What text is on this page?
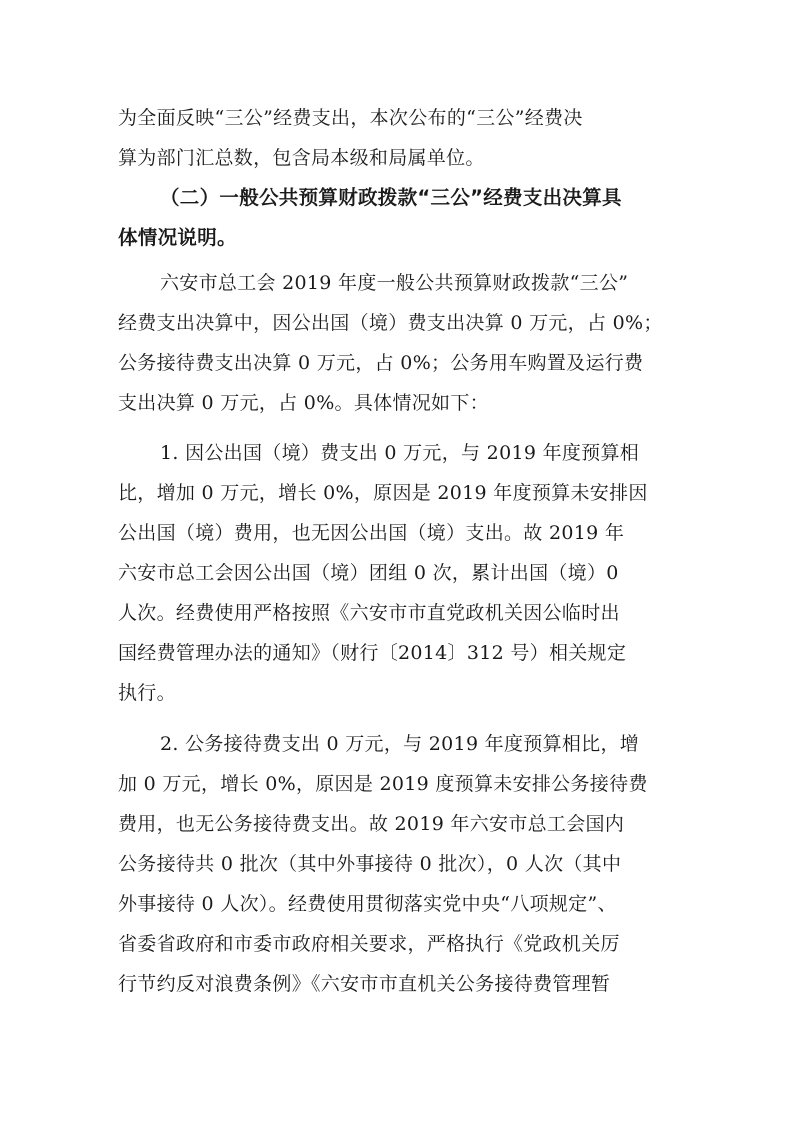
为全面反映“三公”经费支出，本次公布的“三公”经费决
算为部门汇总数，包含局本级和局属单位。
（二）一般公共预算财政拨款“三公”经费支出决算具
体情况说明。
六安市总工会 2019 年度一般公共预算财政拨款“三公”
经费支出决算中，因公出国（境）费支出决算 0 万元，占 0%；
公务接待费支出决算 0 万元，占 0%；公务用车购置及运行费
支出决算 0 万元，占 0%。具体情况如下：
1. 因公出国（境）费支出 0 万元，与 2019 年度预算相
比，增加 0 万元，增长 0%，原因是 2019 年度预算未安排因
公出国（境）费用，也无因公出国（境）支出。故 2019 年
六安市总工会因公出国（境）团组 0 次，累计出国（境）0
人次。经费使用严格按照《六安市市直党政机关因公临时出
国经费管理办法的通知》（财行〔2014〕312 号）相关规定
执行。
2. 公务接待费支出 0 万元，与 2019 年度预算相比，增
加 0 万元，增长 0%，原因是 2019 度预算未安排公务接待费
费用，也无公务接待费支出。故 2019 年六安市总工会国内
公务接待共 0 批次（其中外事接待 0 批次），0 人次（其中
外事接待 0 人次）。经费使用贯彻落实党中央“八项规定”、
省委省政府和市委市政府相关要求，严格执行《党政机关厉
行节约反对浪费条例》《六安市市直机关公务接待费管理暂
